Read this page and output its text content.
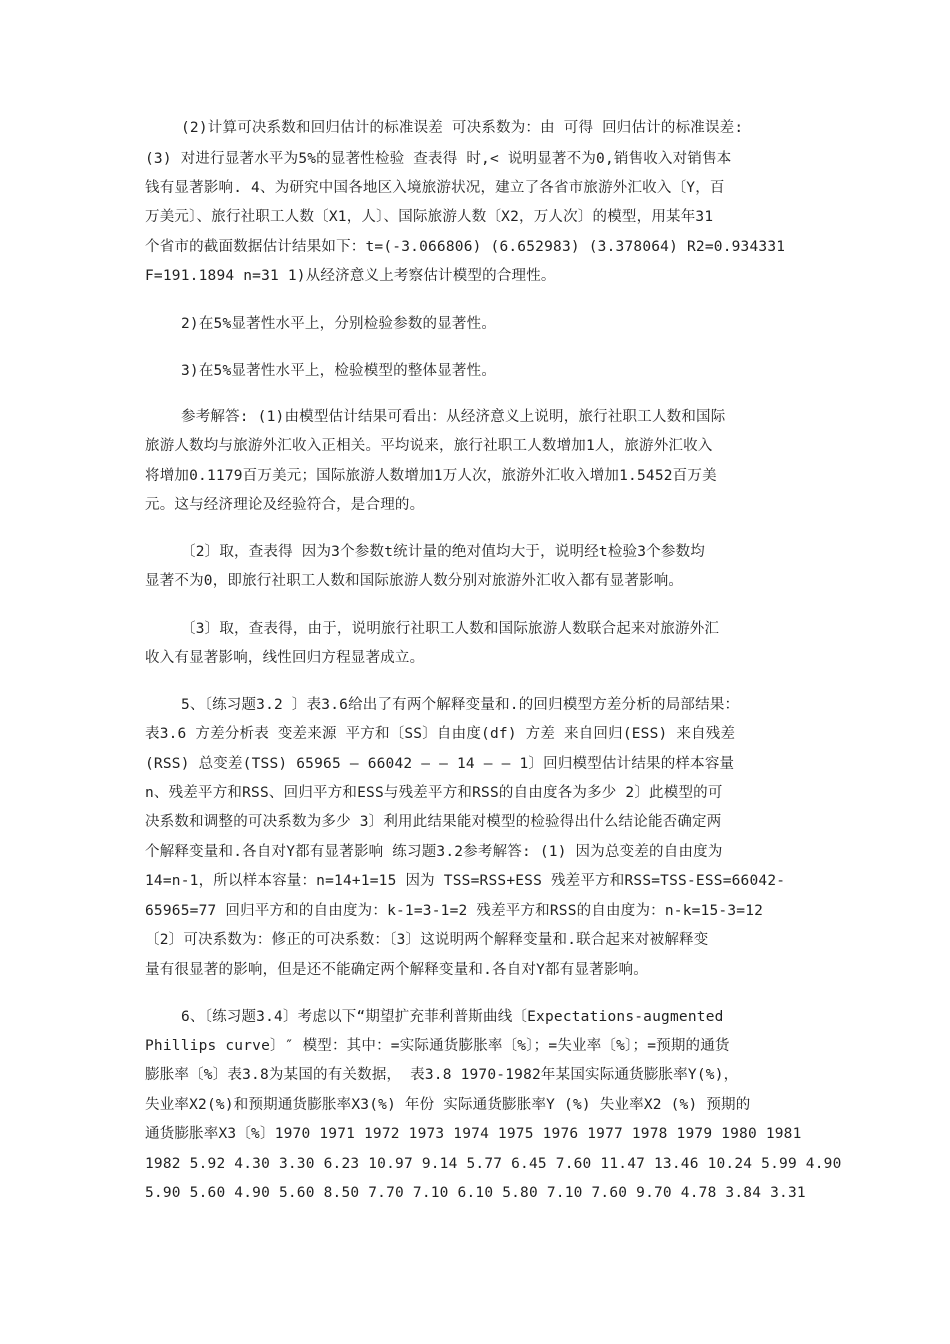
(2)计算可决系数和回归估计的标准误差 可决系数为：由 可得 回归估计的标准误差:
(3) 对进行显著水平为5%的显著性检验 查表得 时,< 说明显著不为0,销售收入对销售本
钱有显著影响. 4、为研究中国各地区入境旅游状况，建立了各省市旅游外汇收入〔Y，百
万美元〕、旅行社职工人数〔X1，人〕、国际旅游人数〔X2，万人次〕的模型，用某年31
个省市的截面数据估计结果如下：t=(-3.066806) (6.652983) (3.378064) R2=0.934331
F=191.1894 n=31 1)从经济意义上考察估计模型的合理性。
2)在5%显著性水平上，分别检验参数的显著性。
3)在5%显著性水平上，检验模型的整体显著性。
参考解答: (1)由模型估计结果可看出：从经济意义上说明，旅行社职工人数和国际
旅游人数均与旅游外汇收入正相关。平均说来，旅行社职工人数增加1人，旅游外汇收入
将增加0.1179百万美元；国际旅游人数增加1万人次，旅游外汇收入增加1.5452百万美
元。这与经济理论及经验符合，是合理的。
〔2〕取，查表得 因为3个参数t统计量的绝对值均大于，说明经t检验3个参数均
显著不为0，即旅行社职工人数和国际旅游人数分别对旅游外汇收入都有显著影响。
〔3〕取，查表得，由于，说明旅行社职工人数和国际旅游人数联合起来对旅游外汇
收入有显著影响，线性回归方程显著成立。
5、〔练习题3.2 〕表3.6给出了有两个解释变量和.的回归模型方差分析的局部结果：
表3.6 方差分析表 变差来源 平方和〔SS〕自由度(df) 方差 来自回归(ESS) 来自残差
(RSS) 总变差(TSS) 65965 — 66042 — — 14 — — 1〕回归模型估计结果的样本容量
n、残差平方和RSS、回归平方和ESS与残差平方和RSS的自由度各为多少 2〕此模型的可
决系数和调整的可决系数为多少 3〕利用此结果能对模型的检验得出什么结论能否确定两
个解释变量和.各自对Y都有显著影响 练习题3.2参考解答: (1) 因为总变差的自由度为
14=n-1，所以样本容量：n=14+1=15 因为 TSS=RSS+ESS 残差平方和RSS=TSS-ESS=66042-
65965=77 回归平方和的自由度为：k-1=3-1=2 残差平方和RSS的自由度为：n-k=15-3=12
〔2〕可决系数为：修正的可决系数：〔3〕这说明两个解释变量和.联合起来对被解释变
量有很显著的影响，但是还不能确定两个解释变量和.各自对Y都有显著影响。
6、〔练习题3.4〕考虑以下“期望扩充菲利普斯曲线〔Expectations-augmented
Phillips curve〕″ 模型：其中：=实际通货膨胀率〔%〕；=失业率〔%〕；=预期的通货
膨胀率〔%〕表3.8为某国的有关数据， 表3.8 1970-1982年某国实际通货膨胀率Y(%)，
失业率X2(%)和预期通货膨胀率X3(%) 年份 实际通货膨胀率Y (%) 失业率X2 (%) 预期的
通货膨胀率X3〔%〕1970 1971 1972 1973 1974 1975 1976 1977 1978 1979 1980 1981
1982 5.92 4.30 3.30 6.23 10.97 9.14 5.77 6.45 7.60 11.47 13.46 10.24 5.99 4.90
5.90 5.60 4.90 5.60 8.50 7.70 7.10 6.10 5.80 7.10 7.60 9.70 4.78 3.84 3.31
